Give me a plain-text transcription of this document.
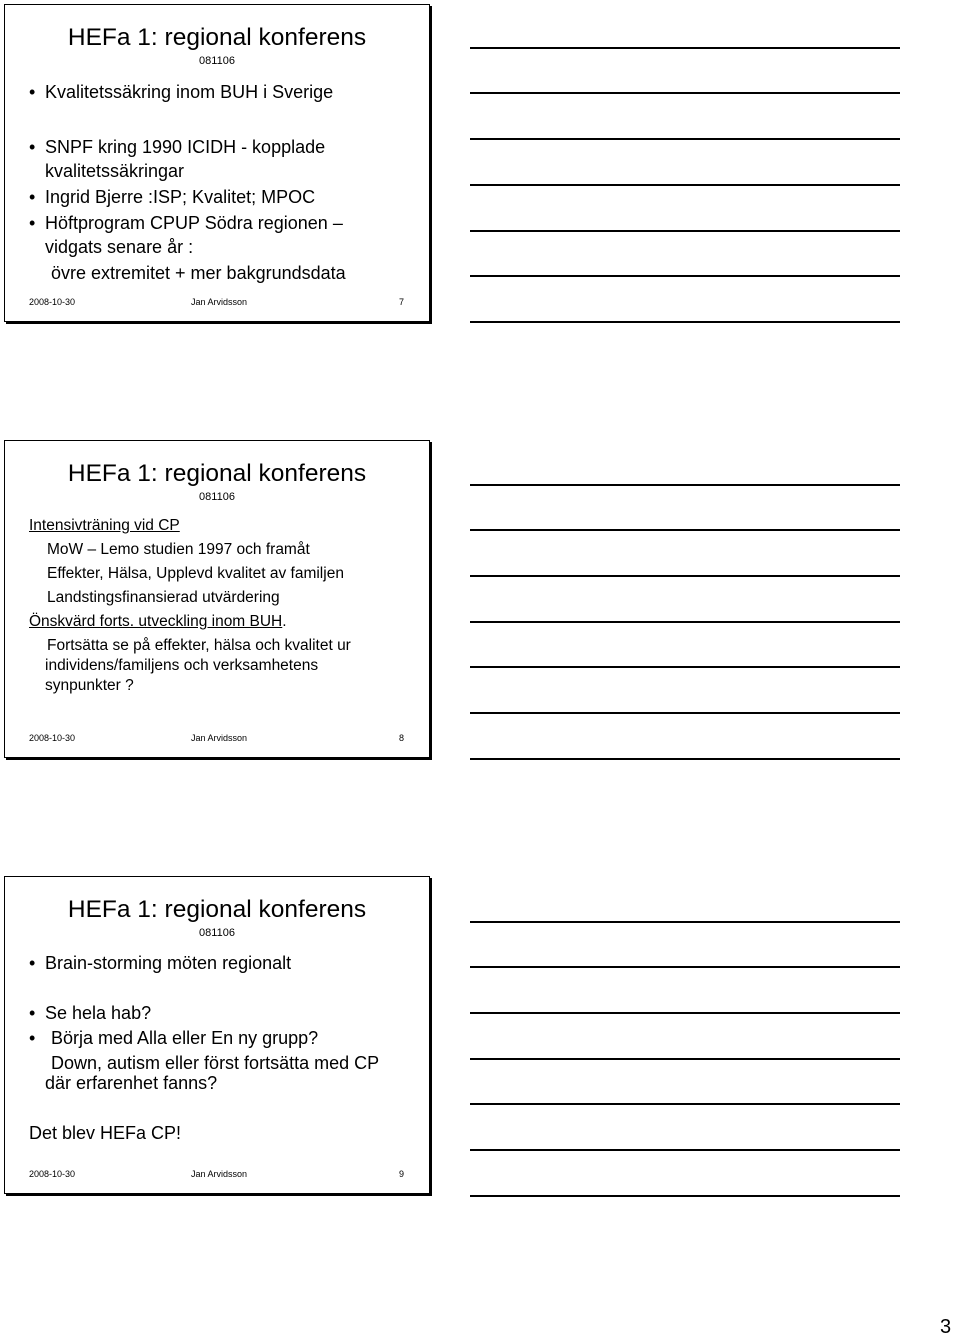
HEFa 1: regional konferens
081106
• Kvalitetssäkring inom BUH i Sverige
• SNPF kring 1990 ICIDH - kopplade
kvalitetssäkringar
• Ingrid Bjerre :ISP; Kvalitet; MPOC
• Höftprogram CPUP Södra regionen –
vidgats senare år :
övre extremitet + mer bakgrundsdata
2008-10-30	Jan Arvidsson	7
HEFa 1: regional konferens
081106
Intensivträning vid CP
MoW – Lemo studien 1997 och framåt
Effekter, Hälsa, Upplevd kvalitet av familjen
Landstingsfinansierad utvärdering
Önskvärd forts. utveckling inom BUH.
Fortsätta se på effekter, hälsa och kvalitet ur
individens/familjens och verksamhetens
synpunkter ?
2008-10-30	Jan Arvidsson	8
HEFa 1: regional konferens
081106
• Brain-storming möten regionalt
• Se hela hab?
• Börja med Alla eller En ny grupp?
Down, autism eller först fortsätta med CP
där erfarenhet fanns?
Det blev HEFa CP!
2008-10-30	Jan Arvidsson	9
3
